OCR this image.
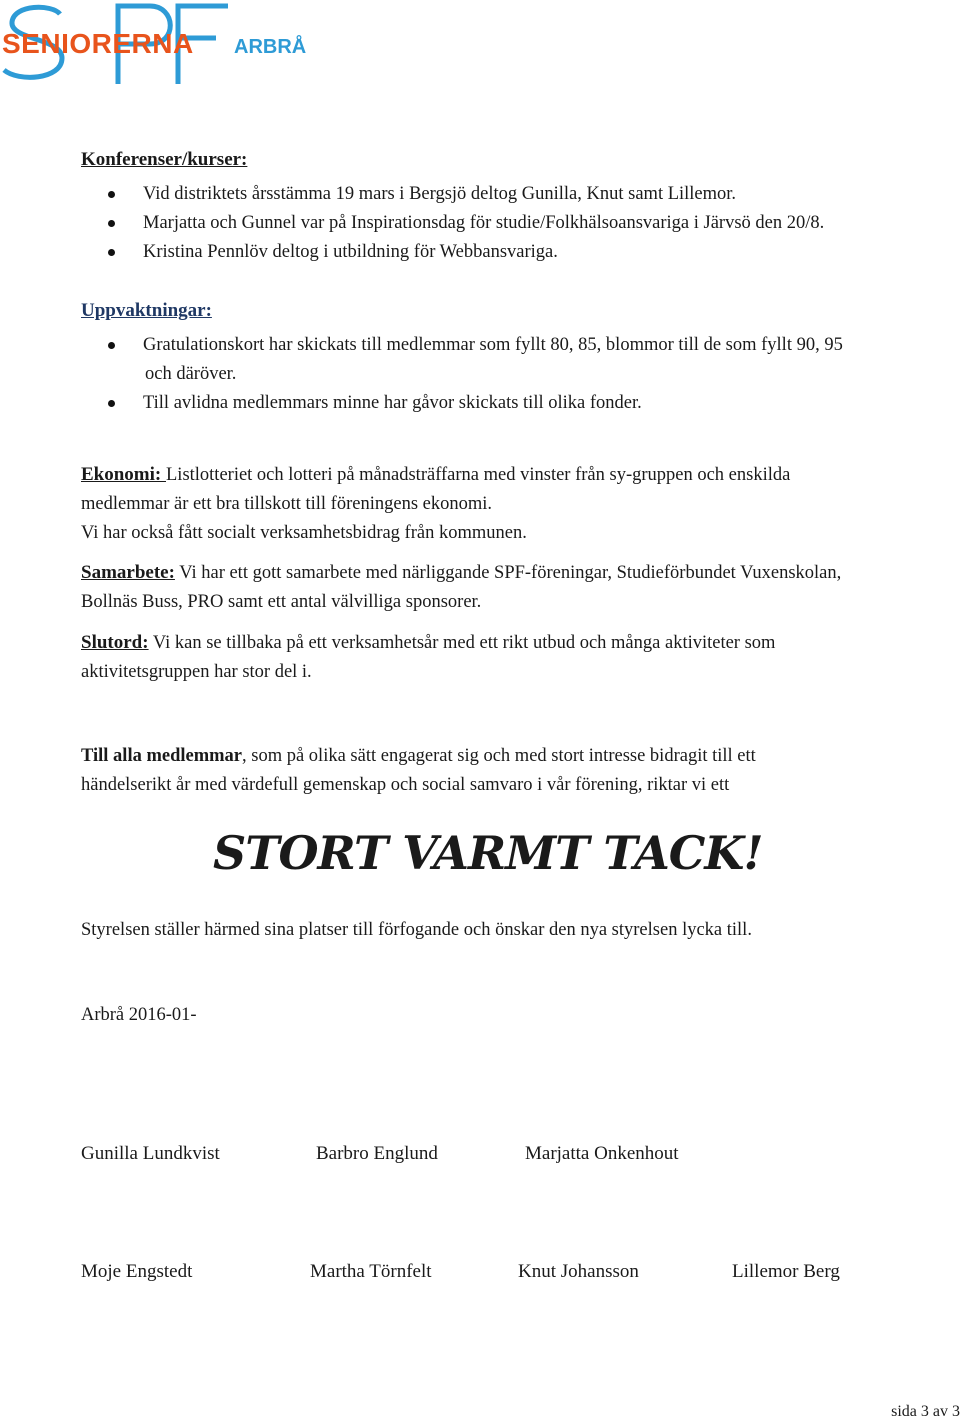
SENIORERNA ARBRÅ
Konferenser/kurser:
Vid distriktets årsstämma 19 mars i Bergsjö deltog Gunilla, Knut samt Lillemor.
Marjatta och Gunnel var på Inspirationsdag för studie/Folkhälsoansvariga i Järvsö den 20/8.
Kristina Pennlöv deltog i utbildning för Webbansvariga.
Uppvaktningar:
Gratulationskort har skickats till medlemmar som fyllt 80, 85, blommor till de som fyllt 90, 95
och däröver.
Till avlidna medlemmars minne har gåvor skickats till olika fonder.
Ekonomi: Listlotteriet och lotteri på månadsträffarna med vinster från sy-gruppen och enskilda
medlemmar är ett bra tillskott till föreningens ekonomi.
Vi har också fått socialt verksamhetsbidrag från kommunen.
Samarbete: Vi har ett gott samarbete med närliggande SPF-föreningar, Studieförbundet Vuxenskolan,
Bollnäs Buss, PRO samt ett antal välvilliga sponsorer.
Slutord: Vi kan se tillbaka på ett verksamhetsår med ett rikt utbud och många aktiviteter som
aktivitetsgruppen har stor del i.
Till alla medlemmar, som på olika sätt engagerat sig och med stort intresse bidragit till ett
händelserikt år med värdefull gemenskap och social samvaro i vår förening, riktar vi ett
STORT VARMT TACK!
Styrelsen ställer härmed sina platser till förfogande och önskar den nya styrelsen lycka till.
Arbrå 2016-01-
Gunilla Lundkvist	Barbro Englund	Marjatta Onkenhout
Moje Engstedt	Martha Törnfelt	Knut Johansson	Lillemor Berg
sida 3 av 3
